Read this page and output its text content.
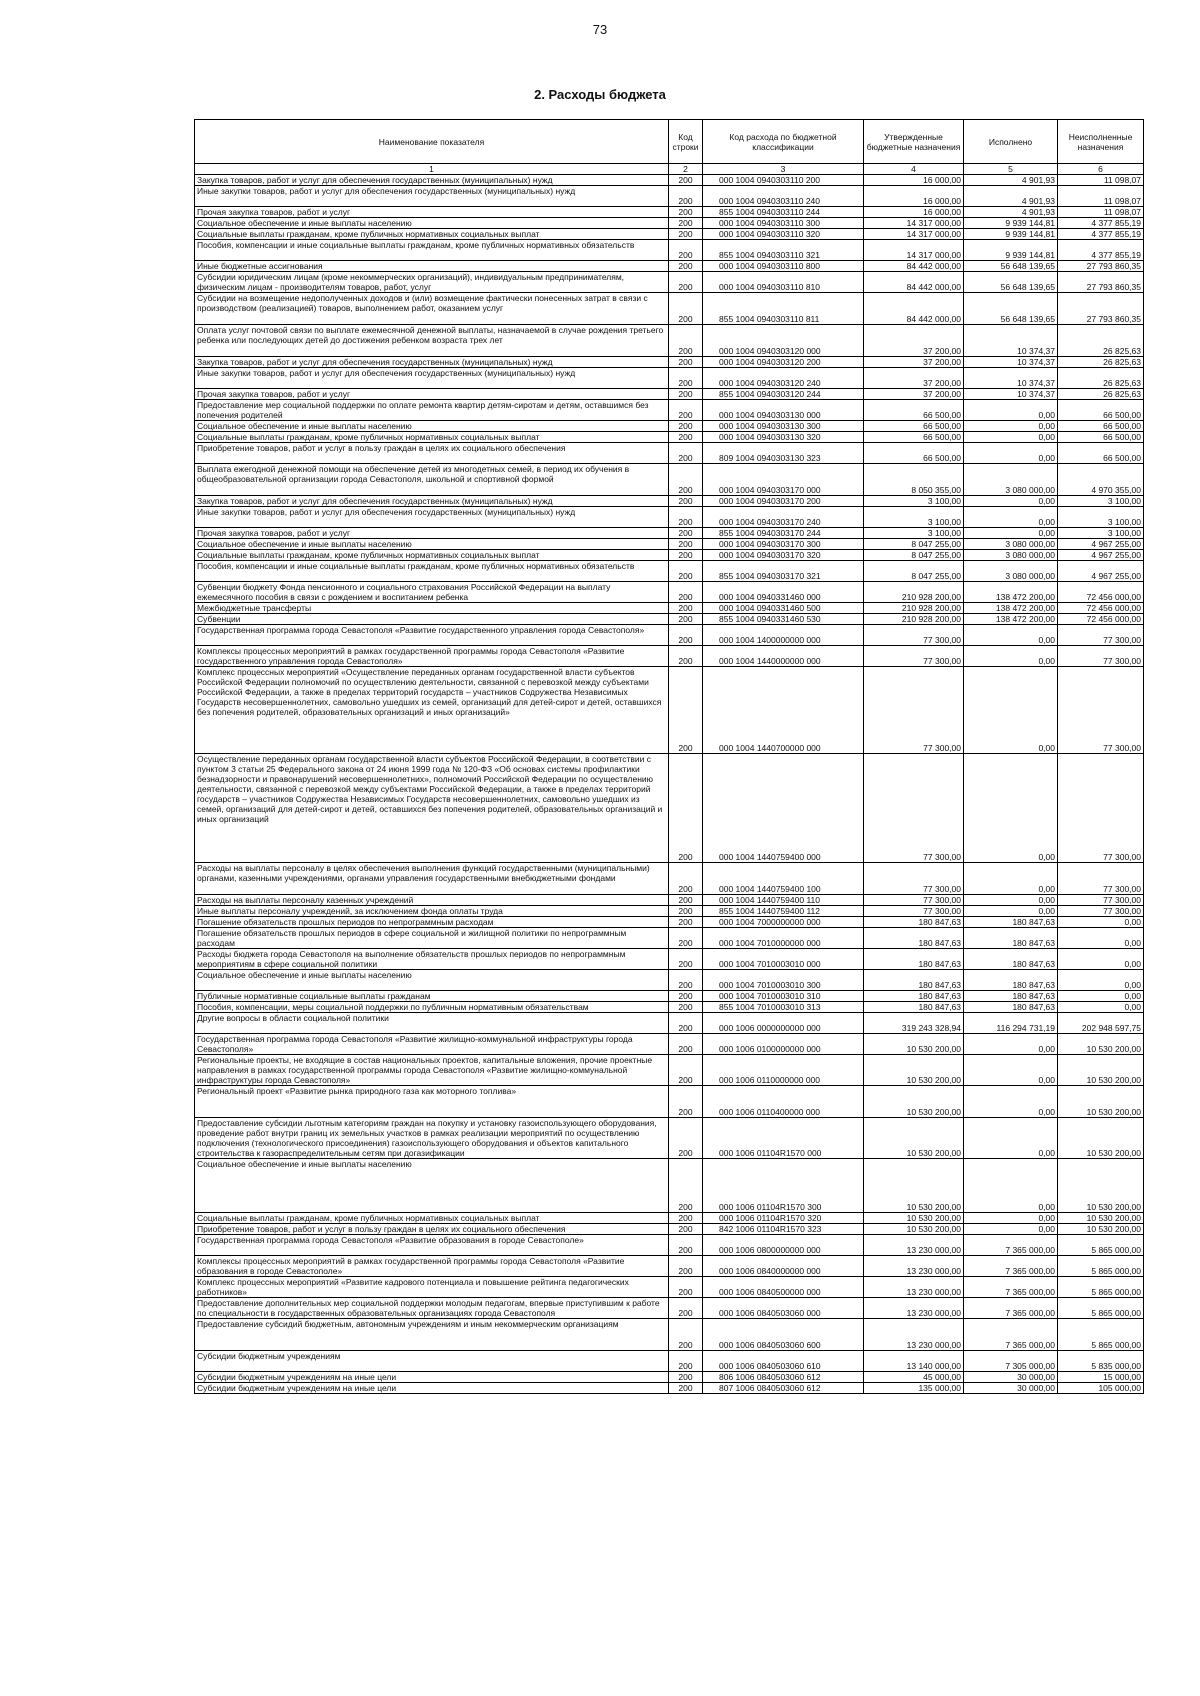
73
2. Расходы бюджета
Наименование показателя	Код строки	Код расхода по бюджетной классификации	Утвержденные бюджетные назначения	Исполнено	Неисполненные назначения
1	2	3	4	5	6
Закупка товаров, работ и услуг для обеспечения государственных (муниципальных) нужд	200	000 1004 0940303110 200	16 000,00	4 901,93	11 098,07
Иные закупки товаров, работ и услуг для обеспечения государственных (муниципальных) нужд	200	000 1004 0940303110 240	16 000,00	4 901,93	11 098,07
Прочая закупка товаров, работ и услуг	200	855 1004 0940303110 244	16 000,00	4 901,93	11 098,07
Социальное обеспечение и иные выплаты населению	200	000 1004 0940303110 300	14 317 000,00	9 939 144,81	4 377 855,19
Социальные выплаты гражданам, кроме публичных нормативных социальных выплат	200	000 1004 0940303110 320	14 317 000,00	9 939 144,81	4 377 855,19
Пособия, компенсации и иные социальные выплаты гражданам, кроме публичных нормативных обязательств	200	855 1004 0940303110 321	14 317 000,00	9 939 144,81	4 377 855,19
Иные бюджетные ассигнования	200	000 1004 0940303110 800	84 442 000,00	56 648 139,65	27 793 860,35
Субсидии юридическим лицам (кроме некоммерческих организаций), индивидуальным предпринимателям, физическим лицам - производителям товаров, работ, услуг	200	000 1004 0940303110 810	84 442 000,00	56 648 139,65	27 793 860,35
Субсидии на возмещение недополученных доходов и (или) возмещение фактически понесенных затрат в связи с производством (реализацией) товаров, выполнением работ, оказанием услуг	200	855 1004 0940303110 811	84 442 000,00	56 648 139,65	27 793 860,35
Оплата услуг почтовой связи по выплате ежемесячной денежной выплаты, назначаемой в случае рождения третьего ребенка или последующих детей до достижения ребенком возраста трех лет	200	000 1004 0940303120 000	37 200,00	10 374,37	26 825,63
Закупка товаров, работ и услуг для обеспечения государственных (муниципальных) нужд	200	000 1004 0940303120 200	37 200,00	10 374,37	26 825,63
Иные закупки товаров, работ и услуг для обеспечения государственных (муниципальных) нужд	200	000 1004 0940303120 240	37 200,00	10 374,37	26 825,63
Прочая закупка товаров, работ и услуг	200	855 1004 0940303120 244	37 200,00	10 374,37	26 825,63
Предоставление мер социальной поддержки по оплате ремонта квартир детям-сиротам и детям, оставшимся без попечения родителей	200	000 1004 0940303130 000	66 500,00	0,00	66 500,00
Социальное обеспечение и иные выплаты населению	200	000 1004 0940303130 300	66 500,00	0,00	66 500,00
Социальные выплаты гражданам, кроме публичных нормативных социальных выплат	200	000 1004 0940303130 320	66 500,00	0,00	66 500,00
Приобретение товаров, работ и услуг в пользу граждан в целях их социального обеспечения	200	809 1004 0940303130 323	66 500,00	0,00	66 500,00
Выплата ежегодной денежной помощи на обеспечение детей из многодетных семей, в период их обучения в общеобразовательной организации города Севастополя, школьной и спортивной формой	200	000 1004 0940303170 000	8 050 355,00	3 080 000,00	4 970 355,00
Закупка товаров, работ и услуг для обеспечения государственных (муниципальных) нужд	200	000 1004 0940303170 200	3 100,00	0,00	3 100,00
Иные закупки товаров, работ и услуг для обеспечения государственных (муниципальных) нужд	200	000 1004 0940303170 240	3 100,00	0,00	3 100,00
Прочая закупка товаров, работ и услуг	200	855 1004 0940303170 244	3 100,00	0,00	3 100,00
Социальное обеспечение и иные выплаты населению	200	000 1004 0940303170 300	8 047 255,00	3 080 000,00	4 967 255,00
Социальные выплаты гражданам, кроме публичных нормативных социальных выплат	200	000 1004 0940303170 320	8 047 255,00	3 080 000,00	4 967 255,00
Пособия, компенсации и иные социальные выплаты гражданам, кроме публичных нормативных обязательств	200	855 1004 0940303170 321	8 047 255,00	3 080 000,00	4 967 255,00
Субвенции бюджету Фонда пенсионного и социального страхования Российской Федерации на выплату ежемесячного пособия в связи с рождением и воспитанием ребенка	200	000 1004 0940331460 000	210 928 200,00	138 472 200,00	72 456 000,00
Межбюджетные трансферты	200	000 1004 0940331460 500	210 928 200,00	138 472 200,00	72 456 000,00
Субвенции	200	855 1004 0940331460 530	210 928 200,00	138 472 200,00	72 456 000,00
Государственная программа города Севастополя «Развитие государственного управления города Севастополя»	200	000 1004 1400000000 000	77 300,00	0,00	77 300,00
Комплексы процессных мероприятий в рамках государственной программы города Севастополя «Развитие государственного управления города Севастополя»	200	000 1004 1440000000 000	77 300,00	0,00	77 300,00
Комплекс процессных мероприятий «Осуществление переданных органам государственной власти субъектов Российской Федерации полномочий по осуществлению деятельности, связанной с перевозкой между субъектами Российской Федерации, а также в пределах территорий государств – участников Содружества Независимых Государств несовершеннолетних, самовольно ушедших из семей, организаций для детей-сирот и детей, оставшихся без попечения родителей, образовательных организаций и иных организаций»	200	000 1004 1440700000 000	77 300,00	0,00	77 300,00
Осуществление переданных органам государственной власти субъектов Российской Федерации, в соответствии с пунктом 3 статьи 25 Федерального закона от 24 июня 1999 года № 120-ФЗ «Об основах системы профилактики безнадзорности и правонарушений несовершеннолетних», полномочий Российской Федерации по осуществлению деятельности, связанной с перевозкой между субъектами Российской Федерации, а также в пределах территорий государств – участников Содружества Независимых Государств несовершеннолетних, самовольно ушедших из семей, организаций для детей-сирот и детей, оставшихся без попечения родителей, образовательных организаций и иных организаций	200	000 1004 1440759400 000	77 300,00	0,00	77 300,00
Расходы на выплаты персоналу в целях обеспечения выполнения функций государственными (муниципальными) органами, казенными учреждениями, органами управления государственными внебюджетными фондами	200	000 1004 1440759400 100	77 300,00	0,00	77 300,00
Расходы на выплаты персоналу казенных учреждений	200	000 1004 1440759400 110	77 300,00	0,00	77 300,00
Иные выплаты персоналу учреждений, за исключением фонда оплаты труда	200	855 1004 1440759400 112	77 300,00	0,00	77 300,00
Погашение обязательств прошлых периодов по непрограммным расходам	200	000 1004 7000000000 000	180 847,63	180 847,63	0,00
Погашение обязательств прошлых периодов в сфере социальной и жилищной политики по непрограммным расходам	200	000 1004 7010000000 000	180 847,63	180 847,63	0,00
Расходы бюджета города Севастополя на выполнение обязательств прошлых периодов по непрограммным мероприятиям в сфере социальной политики	200	000 1004 7010003010 000	180 847,63	180 847,63	0,00
Социальное обеспечение и иные выплаты населению	200	000 1004 7010003010 300	180 847,63	180 847,63	0,00
Публичные нормативные социальные выплаты гражданам	200	000 1004 7010003010 310	180 847,63	180 847,63	0,00
Пособия, компенсации, меры социальной поддержки по публичным нормативным обязательствам	200	855 1004 7010003010 313	180 847,63	180 847,63	0,00
Другие вопросы в области социальной политики	200	000 1006 0000000000 000	319 243 328,94	116 294 731,19	202 948 597,75
Государственная программа города Севастополя «Развитие жилищно-коммунальной инфраструктуры города Севастополя»	200	000 1006 0100000000 000	10 530 200,00	0,00	10 530 200,00
Региональные проекты, не входящие в состав национальных проектов, капитальные вложения, прочие проектные направления в рамках государственной программы города Севастополя «Развитие жилищно-коммунальной инфраструктуры города Севастополя»	200	000 1006 0110000000 000	10 530 200,00	0,00	10 530 200,00
Региональный проект «Развитие рынка природного газа как моторного топлива»	200	000 1006 0110400000 000	10 530 200,00	0,00	10 530 200,00
Предоставление субсидии льготным категориям граждан на покупку и установку газоиспользующего оборудования, проведение работ внутри границ их земельных участков в рамках реализации мероприятий по осуществлению подключения (технологического присоединения) газоиспользующего оборудования и объектов капитального строительства к газораспределительным сетям при догазификации	200	000 1006 01104R1570 000	10 530 200,00	0,00	10 530 200,00
Социальное обеспечение и иные выплаты населению	200	000 1006 01104R1570 300	10 530 200,00	0,00	10 530 200,00
Социальные выплаты гражданам, кроме публичных нормативных социальных выплат	200	000 1006 01104R1570 320	10 530 200,00	0,00	10 530 200,00
Приобретение товаров, работ и услуг в пользу граждан в целях их социального обеспечения	200	842 1006 01104R1570 323	10 530 200,00	0,00	10 530 200,00
Государственная программа города Севастополя «Развитие образования в городе Севастополе»	200	000 1006 0800000000 000	13 230 000,00	7 365 000,00	5 865 000,00
Комплексы процессных мероприятий в рамках государственной программы города Севастополя «Развитие образования в городе Севастополе»	200	000 1006 0840000000 000	13 230 000,00	7 365 000,00	5 865 000,00
Комплекс процессных мероприятий «Развитие кадрового потенциала и повышение рейтинга педагогических работников»	200	000 1006 0840500000 000	13 230 000,00	7 365 000,00	5 865 000,00
Предоставление дополнительных мер социальной поддержки молодым педагогам, впервые приступившим к работе по специальности в государственных образовательных организациях города Севастополя	200	000 1006 0840503060 000	13 230 000,00	7 365 000,00	5 865 000,00
Предоставление субсидий бюджетным, автономным учреждениям и иным некоммерческим организациям	200	000 1006 0840503060 600	13 230 000,00	7 365 000,00	5 865 000,00
Субсидии бюджетным учреждениям	200	000 1006 0840503060 610	13 140 000,00	7 305 000,00	5 835 000,00
Субсидии бюджетным учреждениям на иные цели	200	806 1006 0840503060 612	45 000,00	30 000,00	15 000,00
Субсидии бюджетным учреждениям на иные цели	200	807 1006 0840503060 612	135 000,00	30 000,00	105 000,00
